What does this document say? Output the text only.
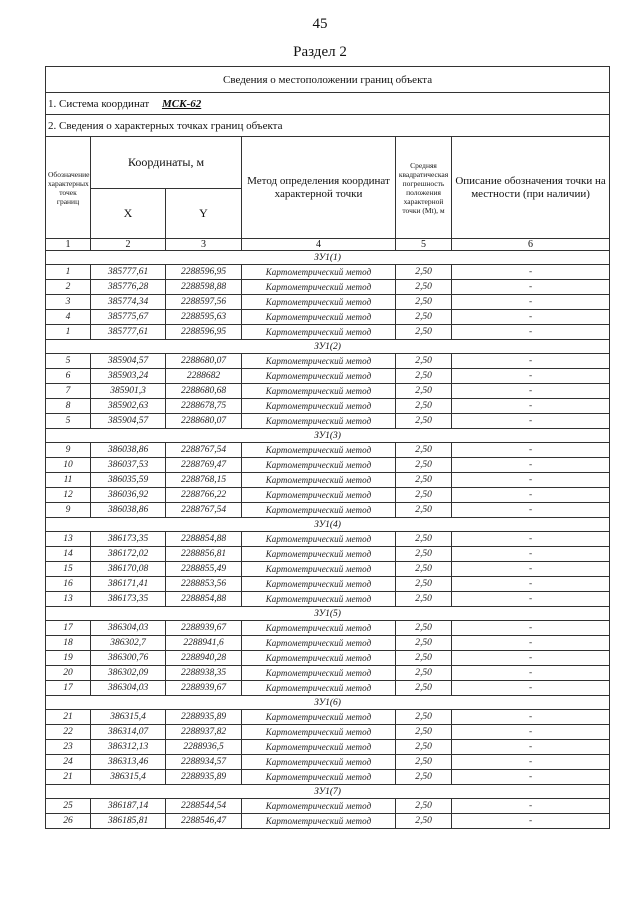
45
Раздел 2
Сведения о местоположении границ объекта					
1. Система координат МСК-62					
2. Сведения о характерных точках границ объекта					
Обозначение характерных точек границ	Координаты, м		Метод определения координат характерной точки	Средняя квадратическая погрешность положения характерной точки (Mt), м	Описание обозначения точки на местности (при наличии)
	X	Y			
1	2	3	4	5	6
ЗУ1(1)					
1	385777,61	2288596,95	Картометрический метод	2,50	-
2	385776,28	2288598,88	Картометрический метод	2,50	-
3	385774,34	2288597,56	Картометрический метод	2,50	-
4	385775,67	2288595,63	Картометрический метод	2,50	-
1	385777,61	2288596,95	Картометрический метод	2,50	-
ЗУ1(2)					
5	385904,57	2288680,07	Картометрический метод	2,50	-
6	385903,24	2288682	Картометрический метод	2,50	-
7	385901,3	2288680,68	Картометрический метод	2,50	-
8	385902,63	2288678,75	Картометрический метод	2,50	-
5	385904,57	2288680,07	Картометрический метод	2,50	-
ЗУ1(3)					
9	386038,86	2288767,54	Картометрический метод	2,50	-
10	386037,53	2288769,47	Картометрический метод	2,50	-
11	386035,59	2288768,15	Картометрический метод	2,50	-
12	386036,92	2288766,22	Картометрический метод	2,50	-
9	386038,86	2288767,54	Картометрический метод	2,50	-
ЗУ1(4)					
13	386173,35	2288854,88	Картометрический метод	2,50	-
14	386172,02	2288856,81	Картометрический метод	2,50	-
15	386170,08	2288855,49	Картометрический метод	2,50	-
16	386171,41	2288853,56	Картометрический метод	2,50	-
13	386173,35	2288854,88	Картометрический метод	2,50	-
ЗУ1(5)					
17	386304,03	2288939,67	Картометрический метод	2,50	-
18	386302,7	2288941,6	Картометрический метод	2,50	-
19	386300,76	2288940,28	Картометрический метод	2,50	-
20	386302,09	2288938,35	Картометрический метод	2,50	-
17	386304,03	2288939,67	Картометрический метод	2,50	-
ЗУ1(6)					
21	386315,4	2288935,89	Картометрический метод	2,50	-
22	386314,07	2288937,82	Картометрический метод	2,50	-
23	386312,13	2288936,5	Картометрический метод	2,50	-
24	386313,46	2288934,57	Картометрический метод	2,50	-
21	386315,4	2288935,89	Картометрический метод	2,50	-
ЗУ1(7)					
25	386187,14	2288544,54	Картометрический метод	2,50	-
26	386185,81	2288546,47	Картометрический метод	2,50	-
